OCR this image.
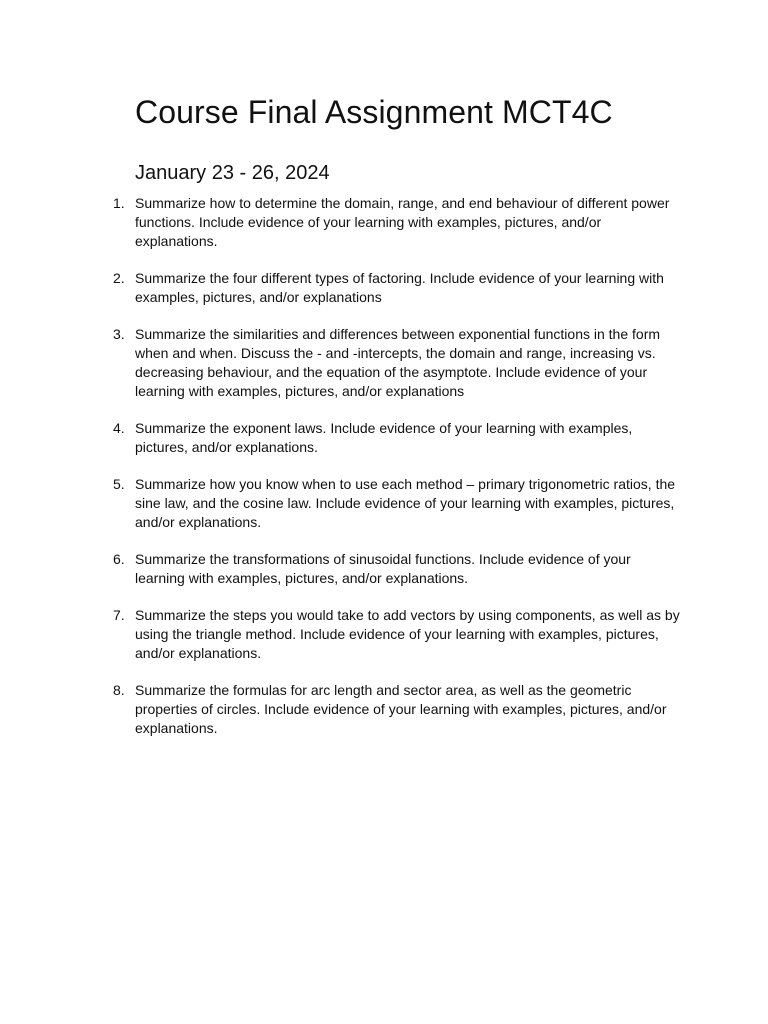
Course Final Assignment MCT4C
January 23 - 26, 2024
1. Summarize how to determine the domain, range, and end behaviour of different power functions. Include evidence of your learning with examples, pictures, and/or explanations.
2. Summarize the four different types of factoring. Include evidence of your learning with examples, pictures, and/or explanations
3. Summarize the similarities and differences between exponential functions in the form when and when. Discuss the - and -intercepts, the domain and range, increasing vs. decreasing behaviour, and the equation of the asymptote. Include evidence of your learning with examples, pictures, and/or explanations
4. Summarize the exponent laws. Include evidence of your learning with examples, pictures, and/or explanations.
5. Summarize how you know when to use each method – primary trigonometric ratios, the sine law, and the cosine law. Include evidence of your learning with examples, pictures, and/or explanations.
6. Summarize the transformations of sinusoidal functions. Include evidence of your learning with examples, pictures, and/or explanations.
7. Summarize the steps you would take to add vectors by using components, as well as by using the triangle method. Include evidence of your learning with examples, pictures, and/or explanations.
8. Summarize the formulas for arc length and sector area, as well as the geometric properties of circles. Include evidence of your learning with examples, pictures, and/or explanations.
